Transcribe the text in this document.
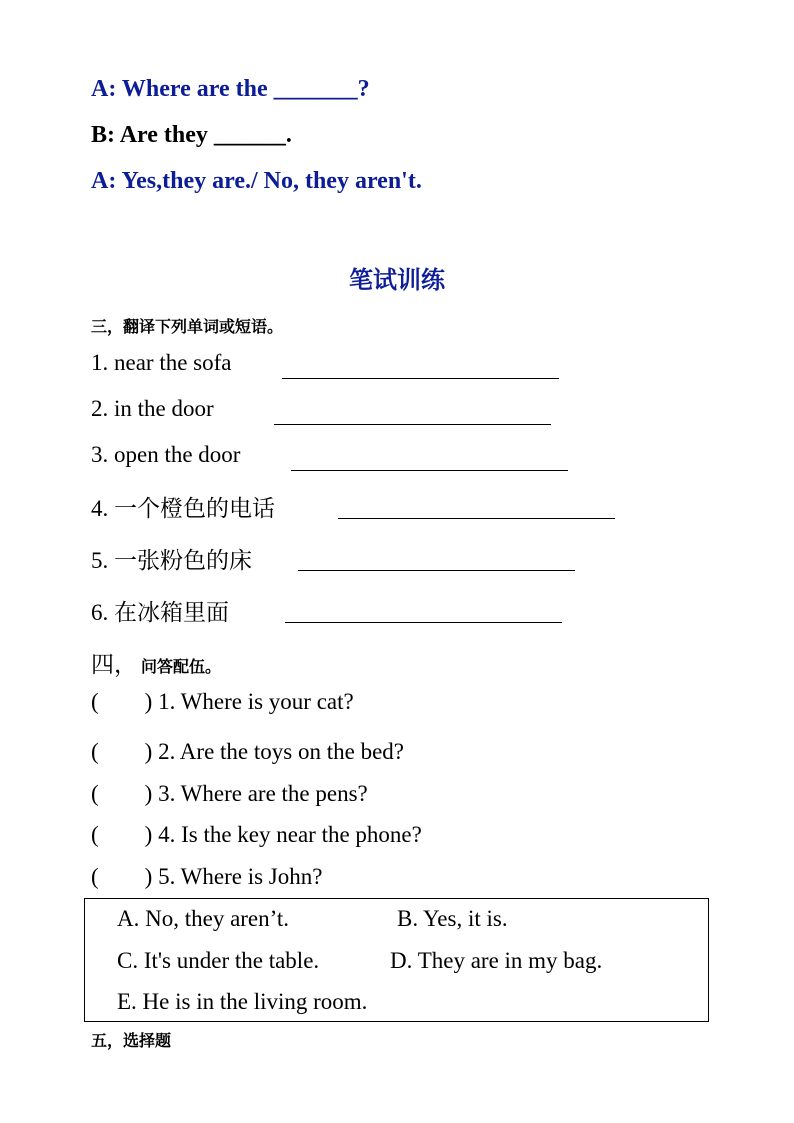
A: Where are the _______?
B: Are they ______.
A: Yes,they are./ No, they aren't.
笔试训练
三，翻译下列单词或短语。
1. near the sofa
2. in the door
3. open the door
4. 一个橙色的电话
5. 一张粉色的床
6. 在冰箱里面
四， 问答配伍。
(        ) 1. Where is your cat?
(        ) 2. Are the toys on the bed?
(        ) 3. Where are the pens?
(        ) 4. Is the key near the phone?
(        ) 5. Where is John?
A. No, they aren’t.	B. Yes, it is.
C. It's under the table.	D. They are in my bag.
E. He is in the living room.
五，选择题
